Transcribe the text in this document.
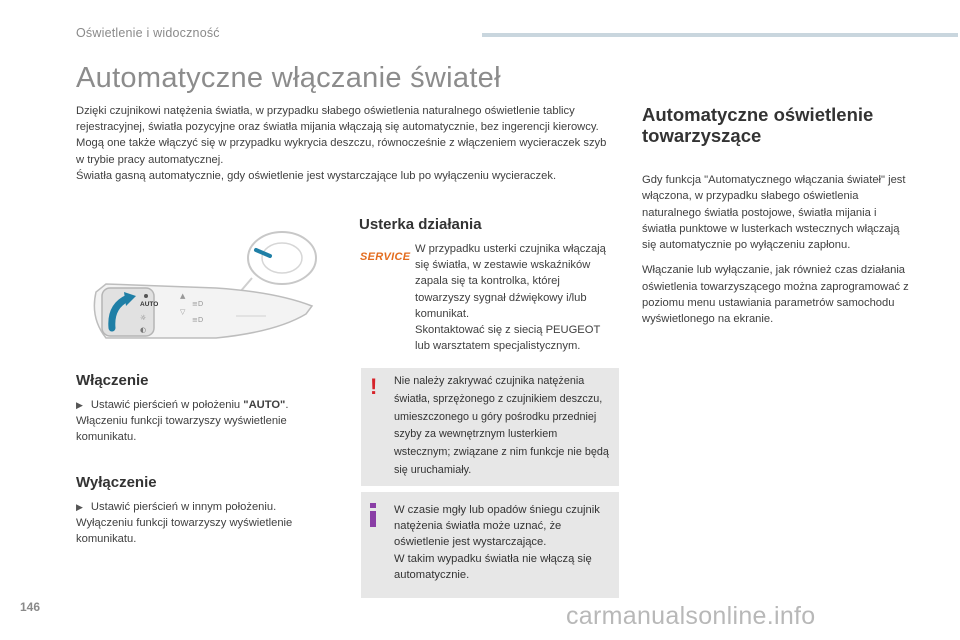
Oświetlenie i widoczność
Automatyczne włączanie świateł

Dzięki czujnikowi natężenia światła, w przypadku słabego oświetlenia naturalnego oświetlenie tablicy rejestracyjnej, światła pozycyjne oraz światła mijania włączają się automatycznie, bez ingerencji kierowcy. Mogą one także włączyć się w przypadku wykrycia deszczu, równocześnie z włączeniem wycieraczek szyb w trybie pracy automatycznej.

Światła gasną automatycznie, gdy oświetlenie jest wystarczające lub po wyłączeniu wycieraczek.

AUTO
☼
◐
▲
▽
≡D
≡D
Włączenie

▶ Ustawić pierścień w położeniu "AUTO".

Włączeniu funkcji towarzyszy wyświetlenie komunikatu.

Wyłączenie

▶ Ustawić pierścień w innym położeniu.

Wyłączeniu funkcji towarzyszy wyświetlenie komunikatu.

Usterka działania
SERVICE

W przypadku usterki czujnika włączają się światła, w zestawie wskaźników zapala się ta kontrolka, której towarzyszy sygnał dźwiękowy i/lub komunikat.

Skontaktować się z siecią PEUGEOT lub warsztatem specjalistycznym.

!	Nie należy zakrywać czujnika natężenia światła, sprzężonego z czujnikiem deszczu, umieszczonego u góry pośrodku przedniej szyby za wewnętrznym lusterkiem wstecznym; związane z nim funkcje nie będą się uruchamiały.

W czasie mgły lub opadów śniegu czujnik natężenia światła może uznać, że oświetlenie jest wystarczające.

W takim wypadku światła nie włączą się automatycznie.

Automatyczne oświetlenie towarzyszące

Gdy funkcja "Automatycznego włączania świateł" jest włączona, w przypadku słabego oświetlenia naturalnego światła postojowe, światła mijania i światła punktowe w lusterkach wstecznych włączają się automatycznie po wyłączeniu zapłonu.

Włączanie lub wyłączanie, jak również czas działania oświetlenia towarzyszącego można zaprogramować z poziomu menu ustawiania parametrów samochodu wyświetlonego na ekranie.

146	carmanualsonline.info
